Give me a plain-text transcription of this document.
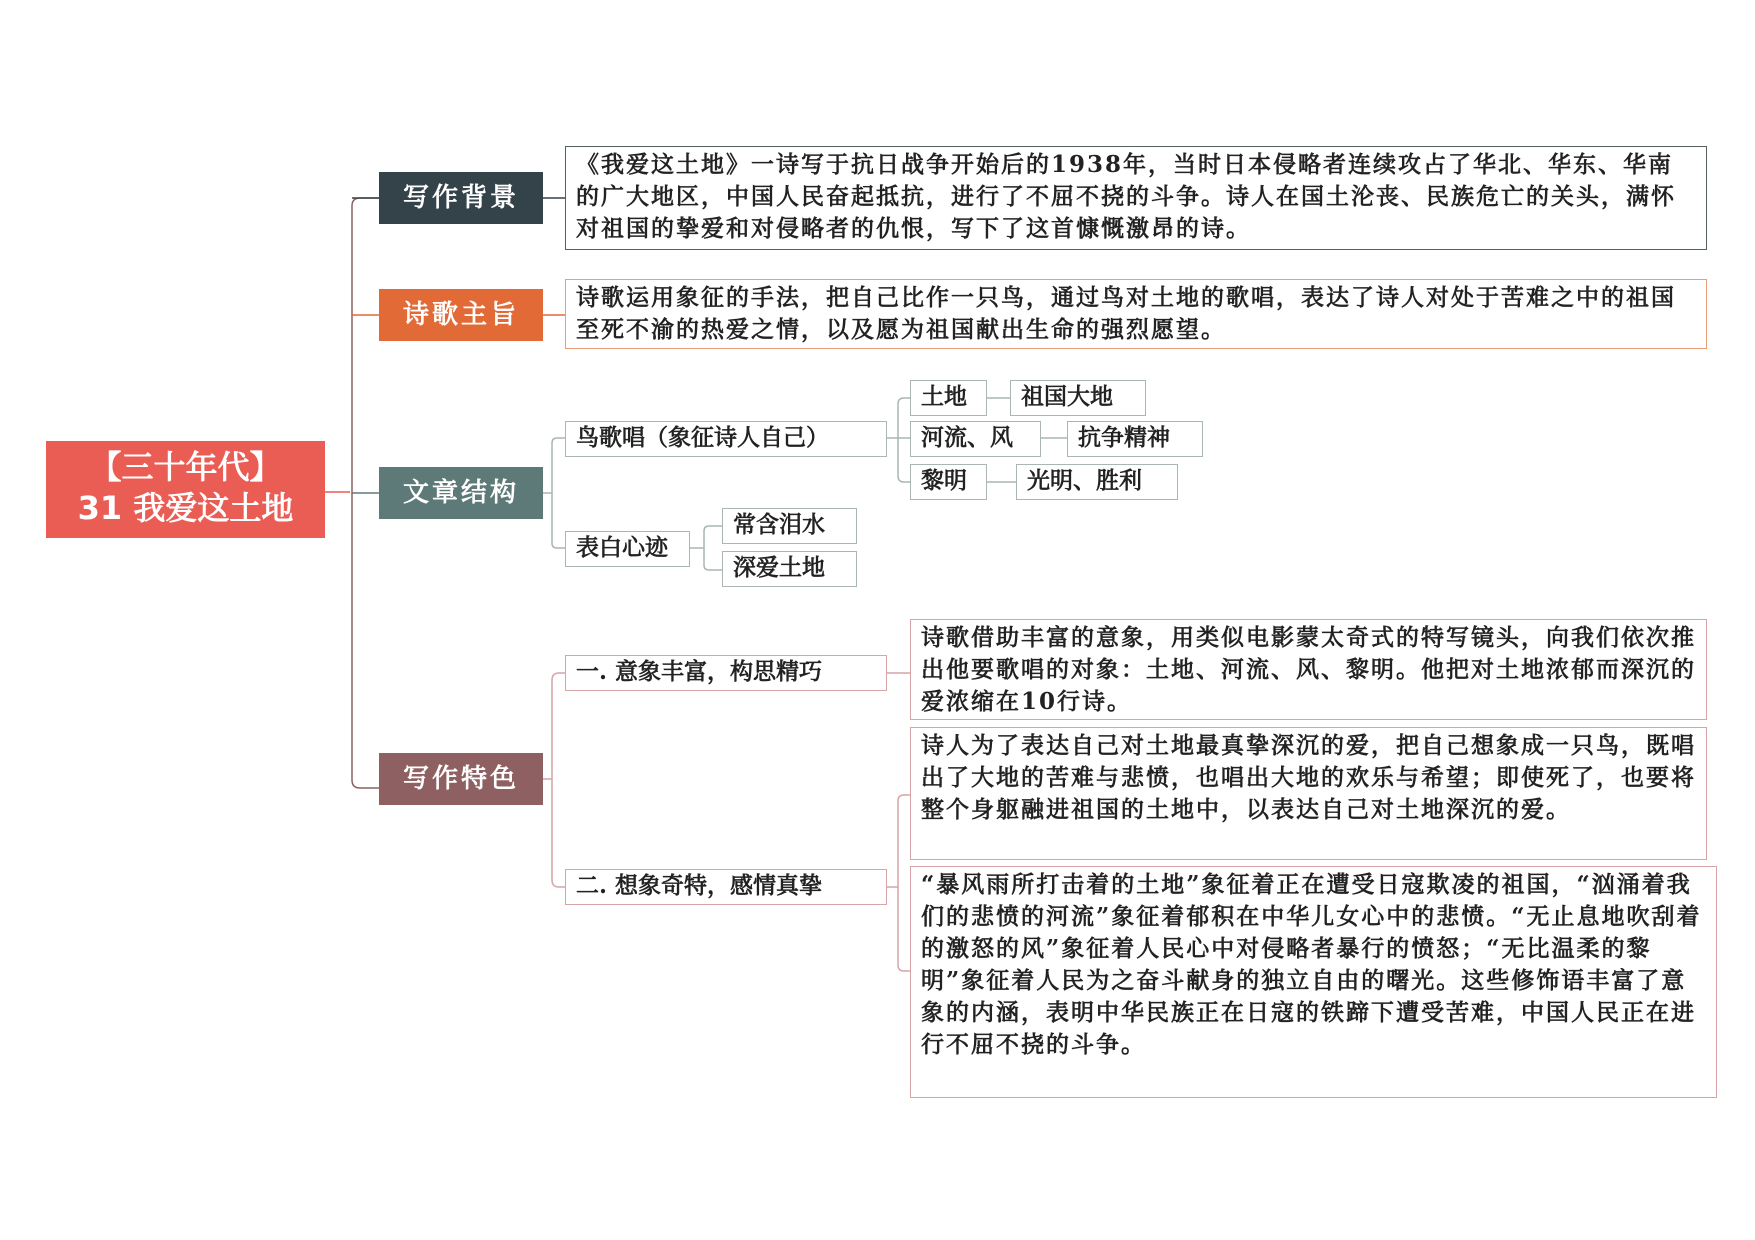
【三十年代】
31 我爱这土地
写作背景
诗歌主旨
文章结构
写作特色
《我爱这土地》一诗写于抗日战争开始后的1938年，当时日本侵略者连续攻占了华北、华东、华南的广大地区，中国人民奋起抵抗，进行了不屈不挠的斗争。诗人在国土沦丧、民族危亡的关头，满怀对祖国的挚爱和对侵略者的仇恨，写下了这首慷慨激昂的诗。
诗歌运用象征的手法，把自己比作一只鸟，通过鸟对土地的歌唱，表达了诗人对处于苦难之中的祖国至死不渝的热爱之情，以及愿为祖国献出生命的强烈愿望。
鸟歌唱（象征诗人自己）
土地	祖国大地
河流、风	抗争精神
黎明	光明、胜利
表白心迹
常含泪水
深爱土地
一. 意象丰富，构思精巧
诗歌借助丰富的意象，用类似电影蒙太奇式的特写镜头，向我们依次推出他要歌唱的对象：土地、河流、风、黎明。他把对土地浓郁而深沉的爱浓缩在10行诗。
二. 想象奇特，感情真挚
诗人为了表达自己对土地最真挚深沉的爱，把自己想象成一只鸟，既唱出了大地的苦难与悲愤，也唱出大地的欢乐与希望；即使死了，也要将整个身躯融进祖国的土地中，以表达自己对土地深沉的爱。
“暴风雨所打击着的土地”象征着正在遭受日寇欺凌的祖国，“汹涌着我们的悲愤的河流”象征着郁积在中华儿女心中的悲愤。“无止息地吹刮着的激怒的风”象征着人民心中对侵略者暴行的愤怒；“无比温柔的黎明”象征着人民为之奋斗献身的独立自由的曙光。这些修饰语丰富了意象的内涵，表明中华民族正在日寇的铁蹄下遭受苦难，中国人民正在进行不屈不挠的斗争。
